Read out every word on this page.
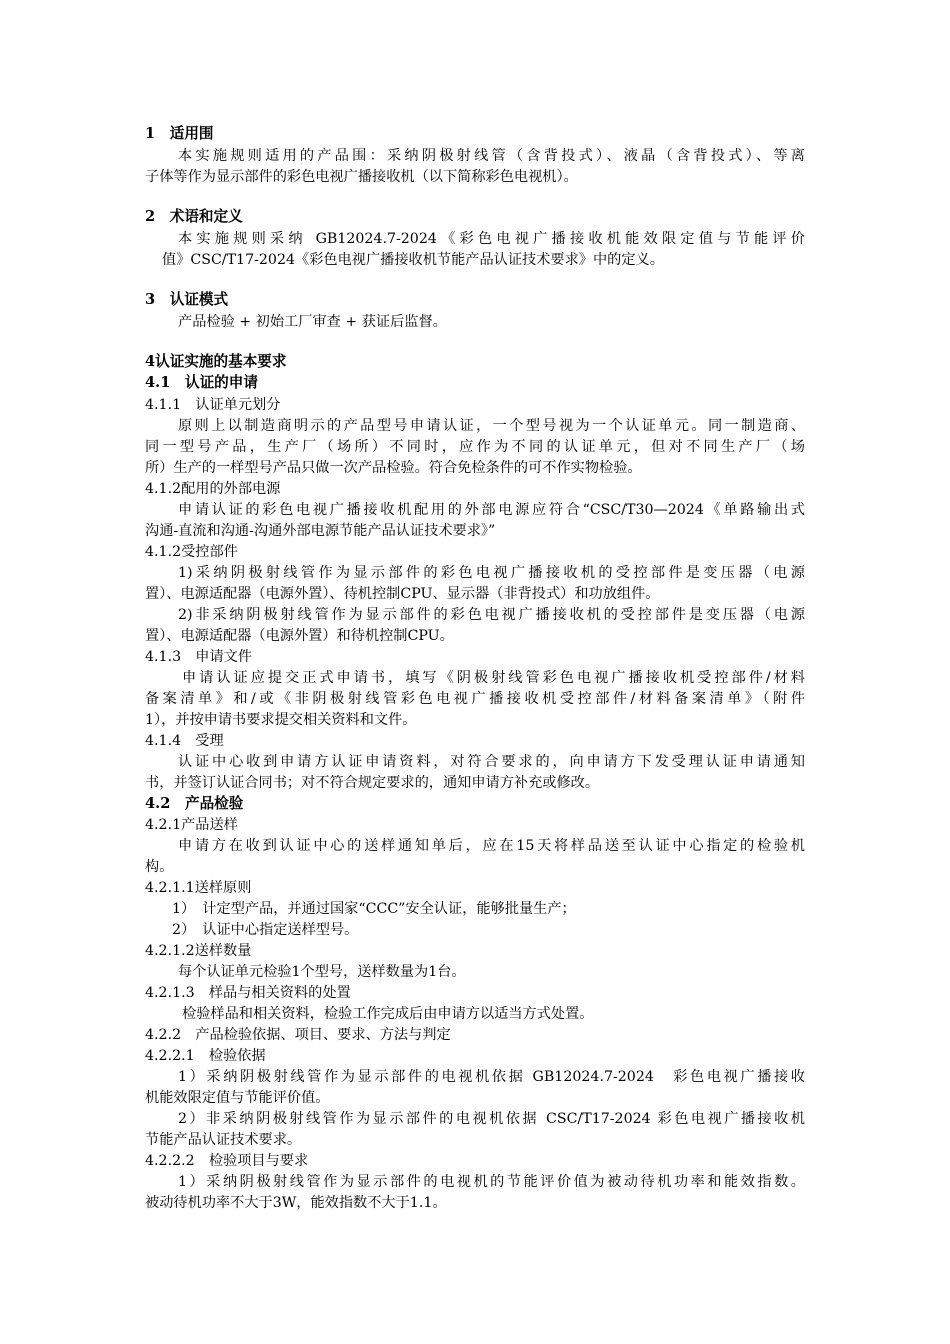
1　适用围
本实施规则适用的产品围：采纳阴极射线管（含背投式）、液晶（含背投式）、等离
子体等作为显示部件的彩色电视广播接收机（以下简称彩色电视机）。
2　术语和定义
本实施规则采纳 GB12024.7-2024《彩色电视广播接收机能效限定值与节能评价
值》CSC/T17-2024《彩色电视广播接收机节能产品认证技术要求》中的定义。
3　认证模式
产品检验 + 初始工厂审查 + 获证后监督。
4认证实施的基本要求
4.1　认证的申请
4.1.1　认证单元划分
原则上以制造商明示的产品型号申请认证，一个型号视为一个认证单元。同一制造商、
同一型号产品，生产厂（场所）不同时，应作为不同的认证单元，但对不同生产厂（场
所）生产的一样型号产品只做一次产品检验。符合免检条件的可不作实物检验。
4.1.2配用的外部电源
申请认证的彩色电视广播接收机配用的外部电源应符合“CSC/T30—2024《单路输出式
沟通-直流和沟通-沟通外部电源节能产品认证技术要求》”
4.1.2受控部件
1)采纳阴极射线管作为显示部件的彩色电视广播接收机的受控部件是变压器（电源
置）、电源适配器（电源外置）、待机控制CPU、显示器（非背投式）和功放组件。
2)非采纳阴极射线管作为显示部件的彩色电视广播接收机的受控部件是变压器（电源
置）、电源适配器（电源外置）和待机控制CPU。
4.1.3　申请文件
申请认证应提交正式申请书，填写《阴极射线管彩色电视广播接收机受控部件/材料
备案清单》和/或《非阴极射线管彩色电视广播接收机受控部件/材料备案清单》（附件
1），并按申请书要求提交相关资料和文件。
4.1.4　受理
认证中心收到申请方认证申请资料，对符合要求的，向申请方下发受理认证申请通知
书，并签订认证合同书；对不符合规定要求的，通知申请方补充或修改。
4.2　产品检验
4.2.1产品送样
申请方在收到认证中心的送样通知单后，应在15天将样品送至认证中心指定的检验机
构。
4.2.1.1送样原则
1）　计定型产品，并通过国家“CCC”安全认证，能够批量生产；
2）　认证中心指定送样型号。
4.2.1.2送样数量
每个认证单元检验1个型号，送样数量为1台。
4.2.1.3　样品与相关资料的处置
检验样品和相关资料，检验工作完成后由申请方以适当方式处置。
4.2.2　产品检验依据、项目、要求、方法与判定
4.2.2.1　检验依据
1）采纳阴极射线管作为显示部件的电视机依据 GB12024.7-2024　彩色电视广播接收
机能效限定值与节能评价值。
2）非采纳阴极射线管作为显示部件的电视机依据 CSC/T17-2024 彩色电视广播接收机
节能产品认证技术要求。
4.2.2.2　检验项目与要求
1）采纳阴极射线管作为显示部件的电视机的节能评价值为被动待机功率和能效指数。
被动待机功率不大于3W，能效指数不大于1.1。
